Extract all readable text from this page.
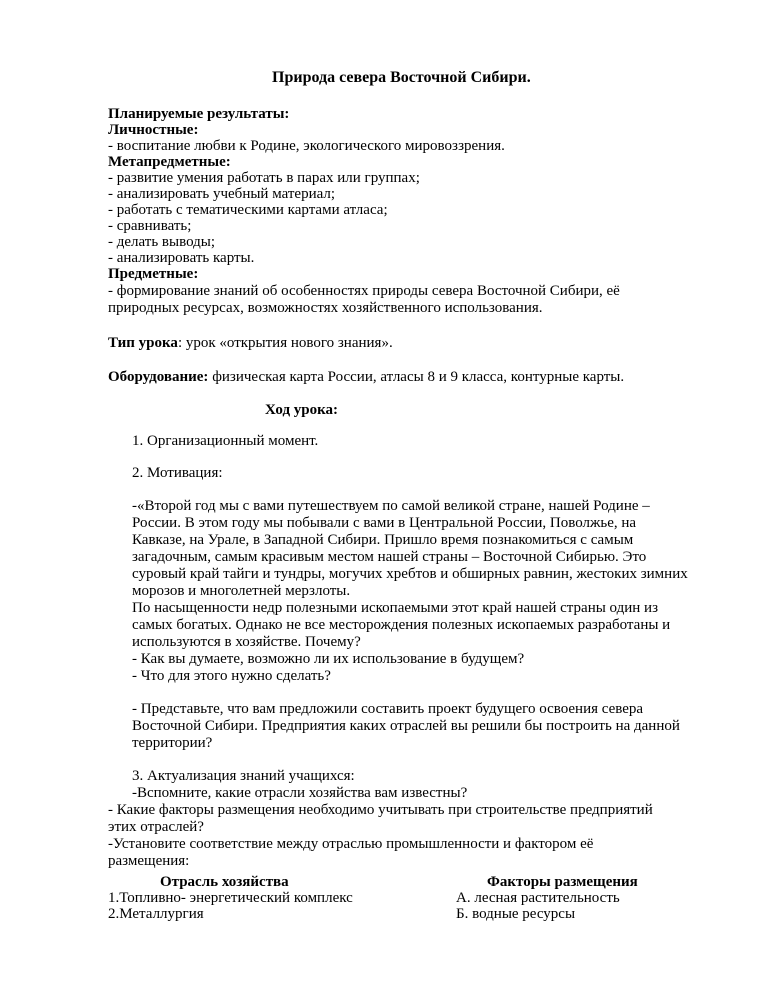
Природа севера Восточной Сибири.
Планируемые результаты:
Личностные:
- воспитание любви к Родине, экологического мировоззрения.
Метапредметные:
- развитие умения работать в парах или группах;
- анализировать учебный материал;
- работать с тематическими картами атласа;
- сравнивать;
- делать выводы;
- анализировать карты.
Предметные:
- формирование знаний об особенностях природы севера Восточной Сибири, её
природных ресурсах, возможностях хозяйственного использования.
Тип урока: урок «открытия нового знания».
Оборудование: физическая карта России, атласы 8 и 9 класса, контурные карты.
Ход урока:
1. Организационный момент.
2. Мотивация:
-«Второй год мы с вами путешествуем по самой великой стране, нашей Родине –
России. В этом году мы побывали с вами в Центральной России, Поволжье, на
Кавказе, на Урале, в Западной Сибири. Пришло время познакомиться с самым
загадочным, самым красивым местом нашей страны – Восточной Сибирью. Это
суровый край тайги и тундры, могучих хребтов и обширных равнин, жестоких зимних
морозов и многолетней мерзлоты.
По насыщенности недр полезными ископаемыми этот край нашей страны один из
самых богатых. Однако не все месторождения полезных ископаемых разработаны и
используются в хозяйстве. Почему?
- Как вы думаете, возможно ли их использование в будущем?
- Что для этого нужно сделать?
- Представьте, что вам предложили составить проект будущего освоения севера
Восточной Сибири. Предприятия каких отраслей вы решили бы построить на данной
территории?
3. Актуализация знаний учащихся:
-Вспомните, какие отрасли хозяйства вам известны?
- Какие факторы размещения необходимо учитывать при строительстве предприятий
этих отраслей?
-Установите соответствие между отраслью промышленности и фактором её
размещения:
Отрасль хозяйства	Факторы размещения
1.Топливно- энергетический комплекс	А. лесная растительность
2.Металлургия	Б. водные ресурсы
